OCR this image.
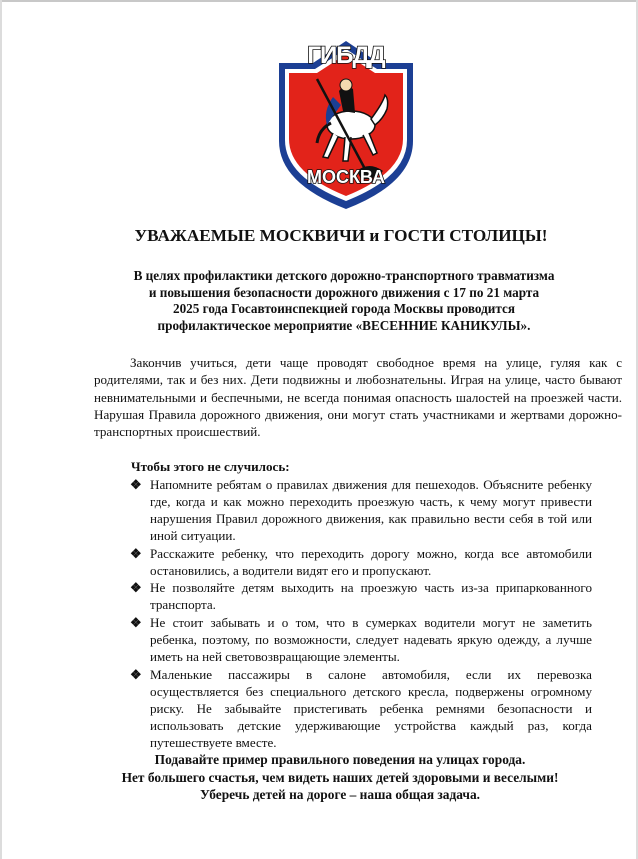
ГИБДД
МОСКВА
УВАЖАЕМЫЕ МОСКВИЧИ и ГОСТИ СТОЛИЦЫ!
В целях профилактики детского дорожно-транспортного травматизма
и повышения безопасности дорожного движения с 17 по 21 марта
2025 года Госавтоинспекцией города Москвы проводится
профилактическое мероприятие «ВЕСЕННИЕ КАНИКУЛЫ».

Закончив учиться, дети чаще проводят свободное время на улице, гуляя как с родителями, так и без них. Дети подвижны и любознательны. Играя на улице, часто бывают невнимательными и беспечными, не всегда понимая опасность шалостей на проезжей части. Нарушая Правила дорожного движения, они могут стать участниками и жертвами дорожно-транспортных происшествий.

Чтобы этого не случилось:
❖ Напомните ребятам о правилах движения для пешеходов. Объясните ребенку где, когда и как можно переходить проезжую часть, к чему могут привести нарушения Правил дорожного движения, как правильно вести себя в той или иной ситуации.
❖ Расскажите ребенку, что переходить дорогу можно, когда все автомобили остановились, а водители видят его и пропускают.
❖ Не позволяйте детям выходить на проезжую часть из-за припаркованного транспорта.
❖ Не стоит забывать и о том, что в сумерках водители могут не заметить ребенка, поэтому, по возможности, следует надевать яркую одежду, а лучше иметь на ней световозвращающие элементы.
❖ Маленькие пассажиры в салоне автомобиля, если их перевозка осуществляется без специального детского кресла, подвержены огромному риску. Не забывайте пристегивать ребенка ремнями безопасности и использовать детские удерживающие устройства каждый раз, когда путешествуете вместе.
Подавайте пример правильного поведения на улицах города.
Нет большего счастья, чем видеть наших детей здоровыми и веселыми!
Уберечь детей на дороге – наша общая задача.
